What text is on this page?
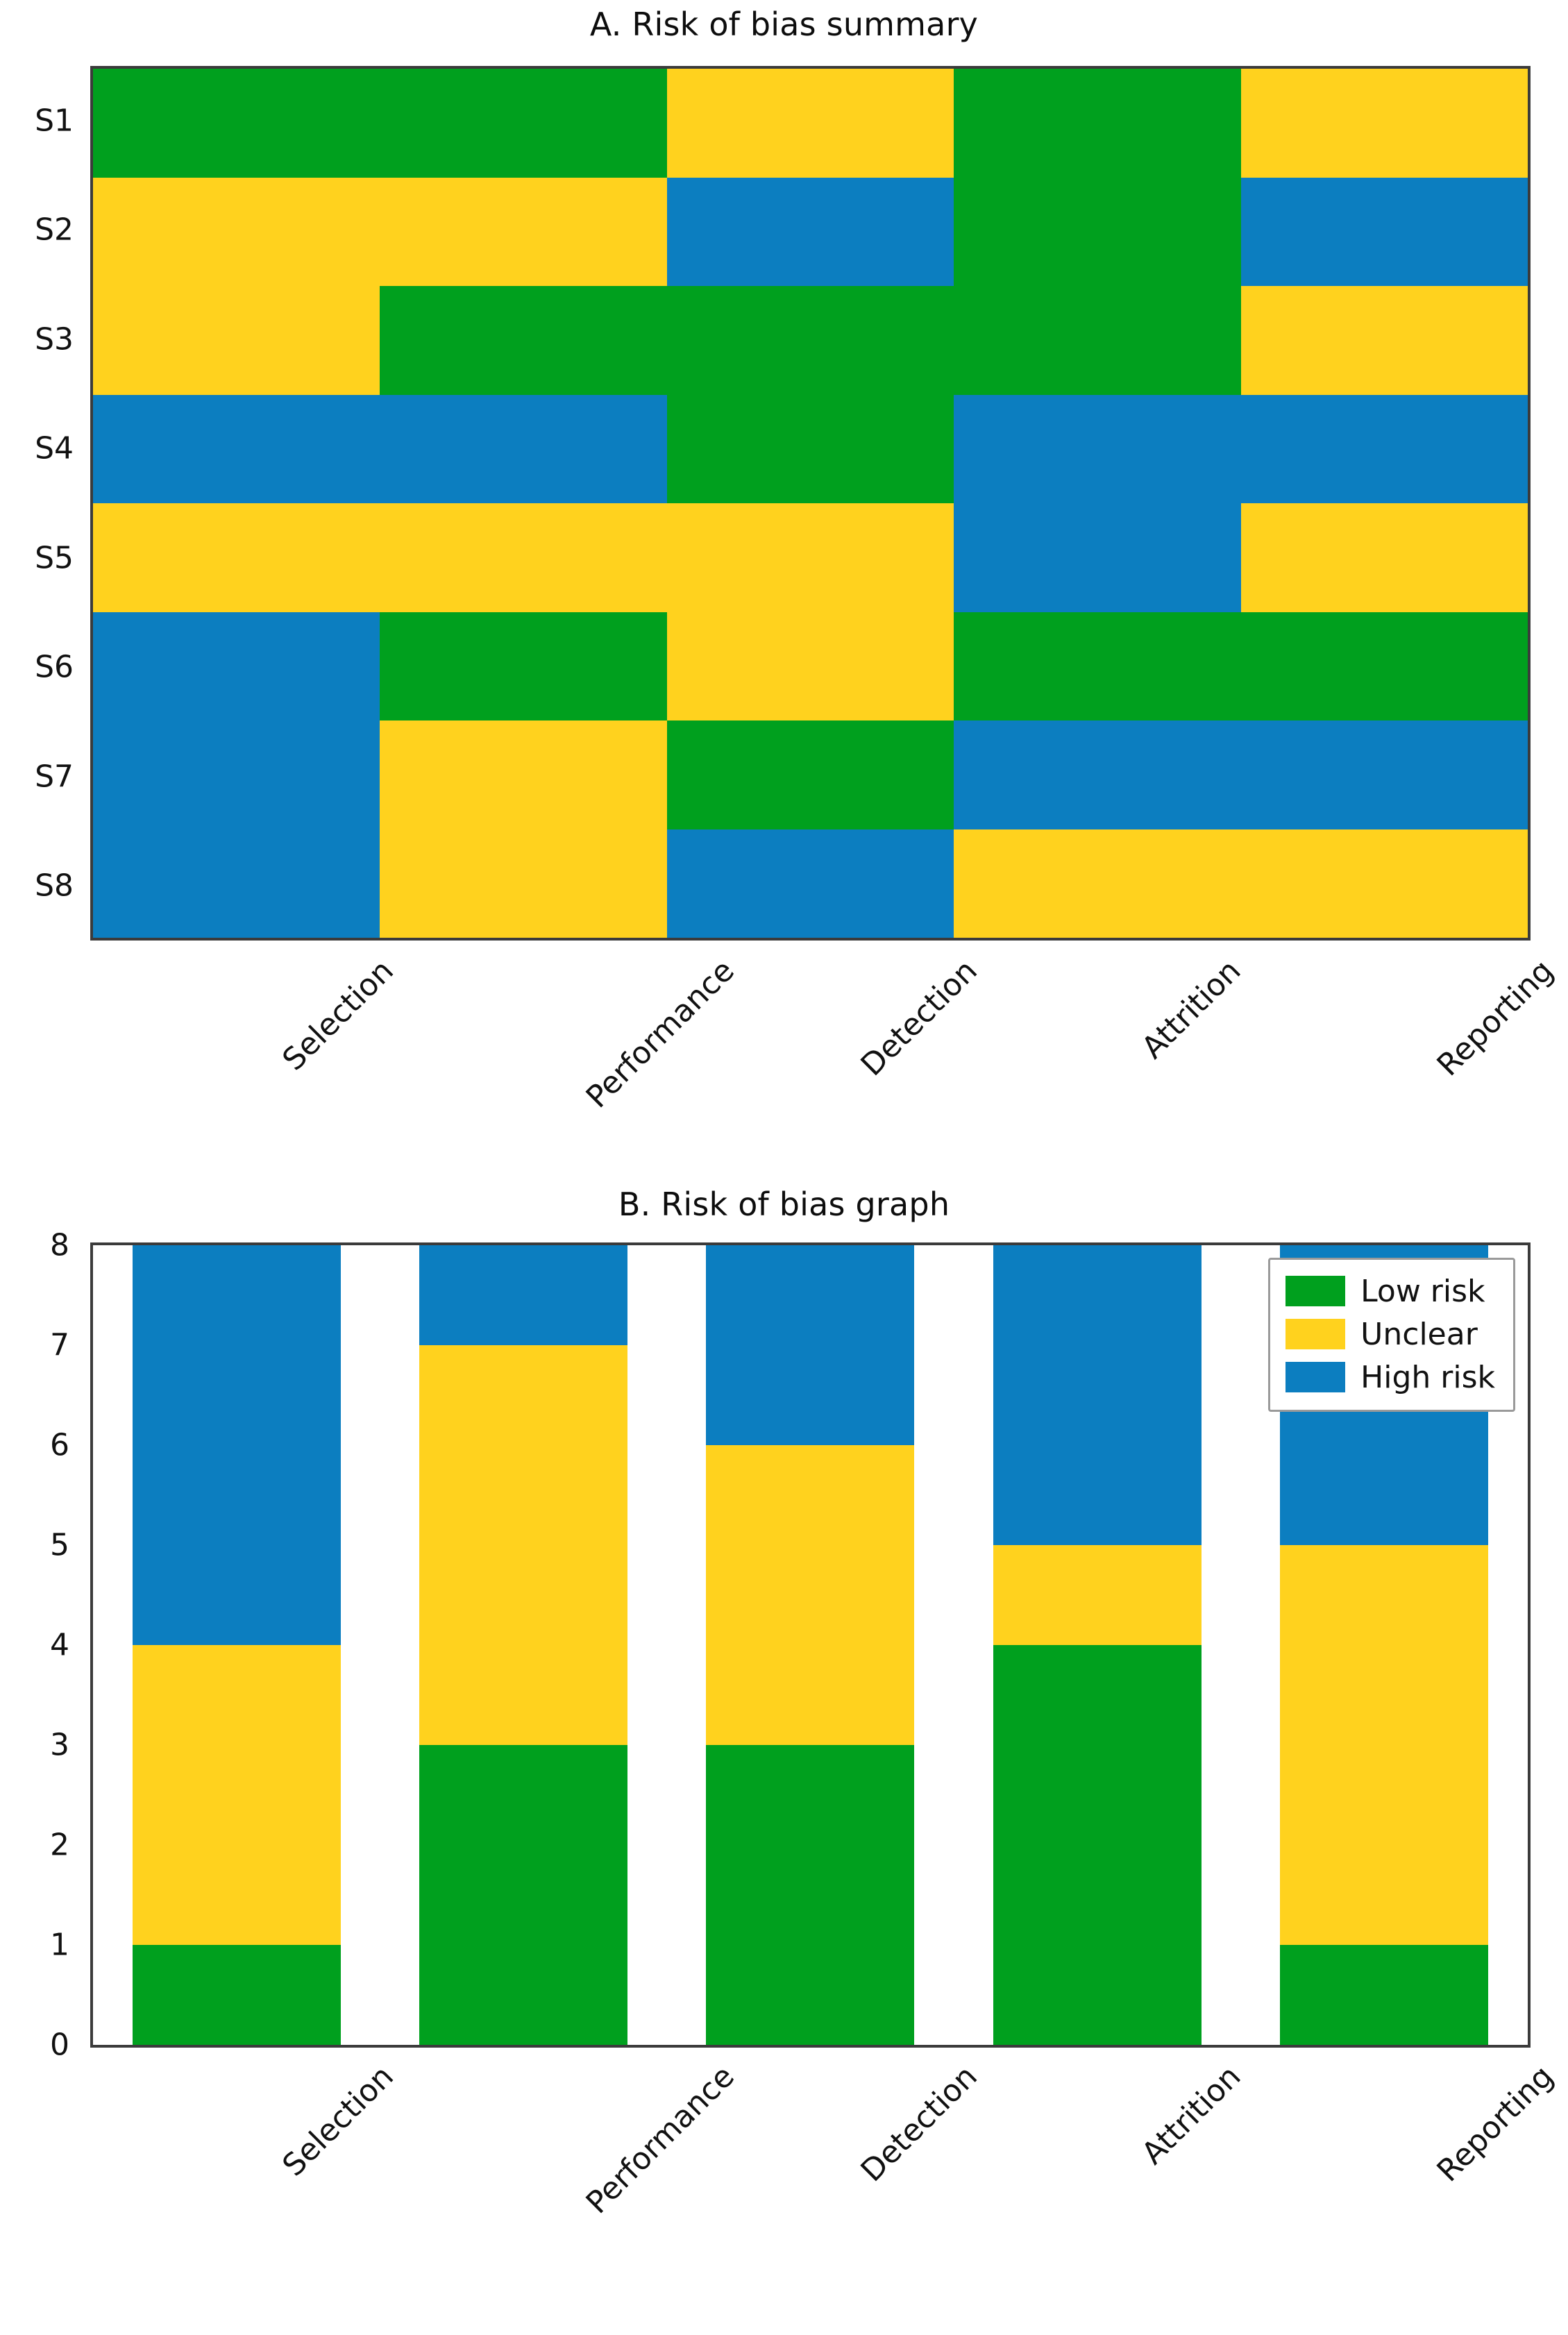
A. Risk of bias summary
S1
S2
S3
S4
S5
S6
S7
S8
Selection	Performance	Detection	Attrition	Reporting
B. Risk of bias graph
0
1
2
3
4
5
6
7
8
Low risk
Unclear
High risk
Selection	Performance	Detection	Attrition	Reporting
